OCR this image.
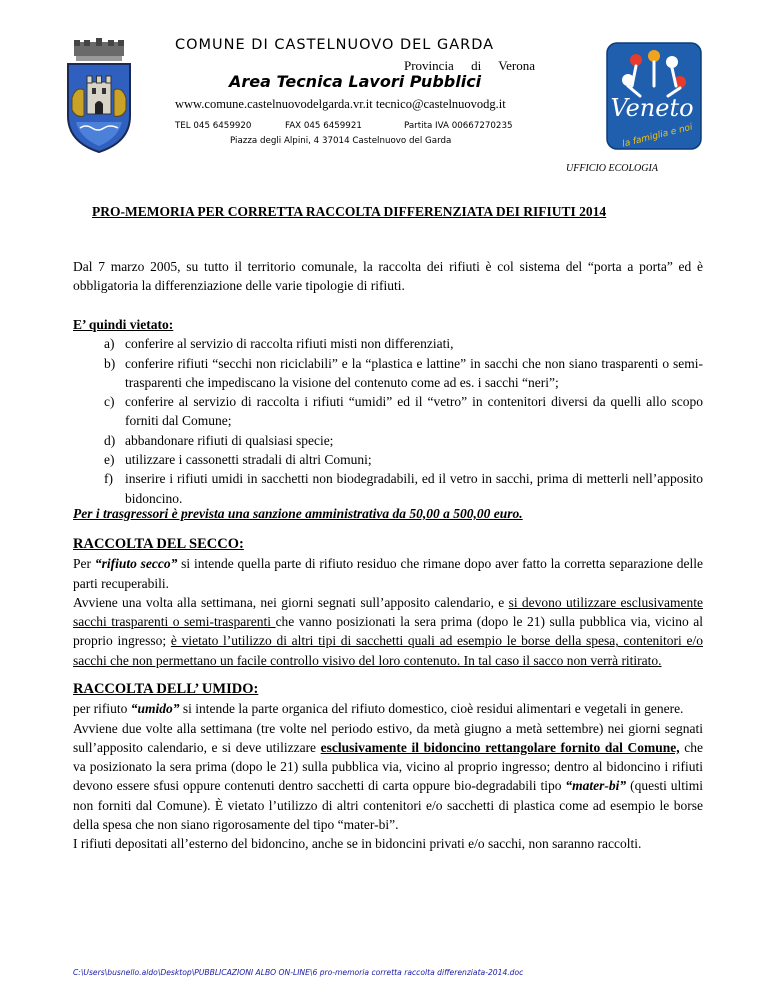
Veneto
la famiglia e noi
COMUNE DI CASTELNUOVO DEL GARDA
Provincia di Verona
Area Tecnica Lavori Pubblici
www.comune.castelnuovodelgarda.vr.it tecnico@castelnuovodg.it
TEL 045 6459920	FAX 045 6459921	Partita IVA 00667270235
Piazza degli Alpini, 4 37014 Castelnuovo del Garda
UFFICIO ECOLOGIA
PRO-MEMORIA PER CORRETTA RACCOLTA DIFFERENZIATA DEI RIFIUTI 2014

Dal 7 marzo 2005, su tutto il territorio comunale, la raccolta dei rifiuti è col sistema del “porta a porta” ed è obbligatoria la differenziazione delle varie tipologie di rifiuti.

E’ quindi vietato:

a) conferire al servizio di raccolta rifiuti misti non differenziati,
b) conferire rifiuti “secchi non riciclabili” e la “plastica e lattine” in sacchi che non siano trasparenti o semi-trasparenti che impediscano la visione del contenuto come ad es. i sacchi “neri”;
c) conferire al servizio di raccolta i rifiuti “umidi” ed il “vetro” in contenitori diversi da quelli allo scopo forniti dal Comune;
d) abbandonare rifiuti di qualsiasi specie;
e) utilizzare i cassonetti stradali di altri Comuni;
f) inserire i rifiuti umidi in sacchetti non biodegradabili, ed il vetro in sacchi, prima di metterli nell’apposito bidoncino.

Per i trasgressori è prevista una sanzione amministrativa da 50,00 a 500,00 euro.

RACCOLTA DEL SECCO:

Per “rifiuto secco” si intende quella parte di rifiuto residuo che rimane dopo aver fatto la corretta separazione delle parti recuperabili.

Avviene una volta alla settimana, nei giorni segnati sull’apposito calendario, e si devono utilizzare esclusivamente sacchi trasparenti o semi-trasparenti che vanno posizionati la sera prima (dopo le 21) sulla pubblica via, vicino al proprio ingresso; è vietato l’utilizzo di altri tipi di sacchetti quali ad esempio le borse della spesa, contenitori e/o sacchi che non permettano un facile controllo visivo del loro contenuto. In tal caso il sacco non verrà ritirato.

RACCOLTA DELL’ UMIDO:

per rifiuto “umido” si intende la parte organica del rifiuto domestico, cioè residui alimentari e vegetali in genere.

Avviene due volte alla settimana (tre volte nel periodo estivo, da metà giugno a metà settembre) nei giorni segnati sull’apposito calendario, e si deve utilizzare esclusivamente il bidoncino rettangolare fornito dal Comune, che va posizionato la sera prima (dopo le 21) sulla pubblica via, vicino al proprio ingresso; dentro al bidoncino i rifiuti devono essere sfusi oppure contenuti dentro sacchetti di carta oppure bio-degradabili tipo “mater-bi” (questi ultimi non forniti dal Comune). È vietato l’utilizzo di altri contenitori e/o sacchetti di plastica come ad esempio le borse della spesa che non siano rigorosamente del tipo “mater-bi”.

I rifiuti depositati all’esterno del bidoncino, anche se in bidoncini privati e/o sacchi, non saranno raccolti.

C:\Users\busnello.aldo\Desktop\PUBBLICAZIONI ALBO ON-LINE\6 pro-memoria corretta raccolta differenziata-2014.doc
